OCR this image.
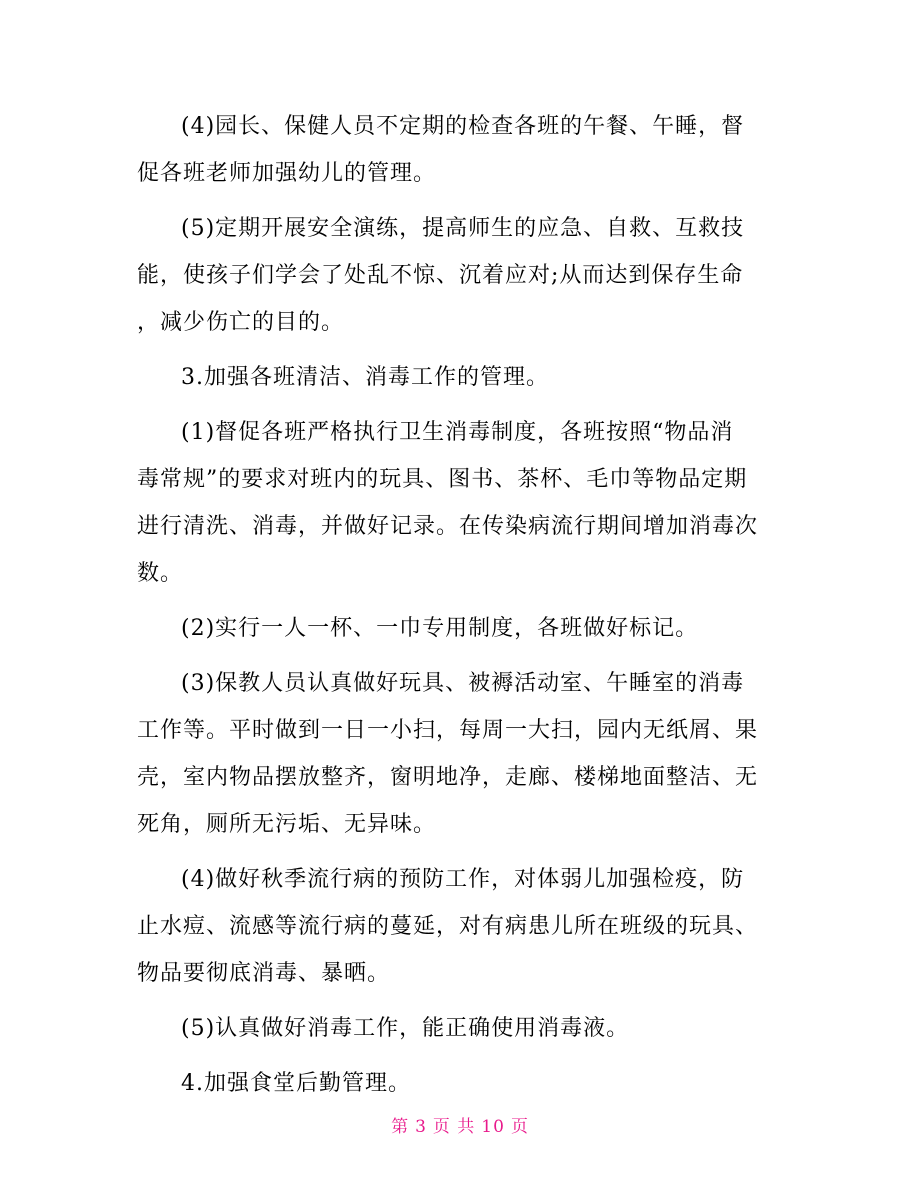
(4)园长、保健人员不定期的检查各班的午餐、午睡，督
促各班老师加强幼儿的管理。

(5)定期开展安全演练，提高师生的应急、自救、互救技
能，使孩子们学会了处乱不惊、沉着应对;从而达到保存生命
，减少伤亡的目的。

3.加强各班清洁、消毒工作的管理。

(1)督促各班严格执行卫生消毒制度，各班按照“物品消
毒常规”的要求对班内的玩具、图书、茶杯、毛巾等物品定期
进行清洗、消毒，并做好记录。在传染病流行期间增加消毒次
数。

(2)实行一人一杯、一巾专用制度，各班做好标记。

(3)保教人员认真做好玩具、被褥活动室、午睡室的消毒
工作等。平时做到一日一小扫，每周一大扫，园内无纸屑、果
壳，室内物品摆放整齐，窗明地净，走廊、楼梯地面整洁、无
死角，厕所无污垢、无异味。

(4)做好秋季流行病的预防工作，对体弱儿加强检疫，防
止水痘、流感等流行病的蔓延，对有病患儿所在班级的玩具、
物品要彻底消毒、暴晒。

(5)认真做好消毒工作，能正确使用消毒液。

4.加强食堂后勤管理。

第 3 页 共 10 页
